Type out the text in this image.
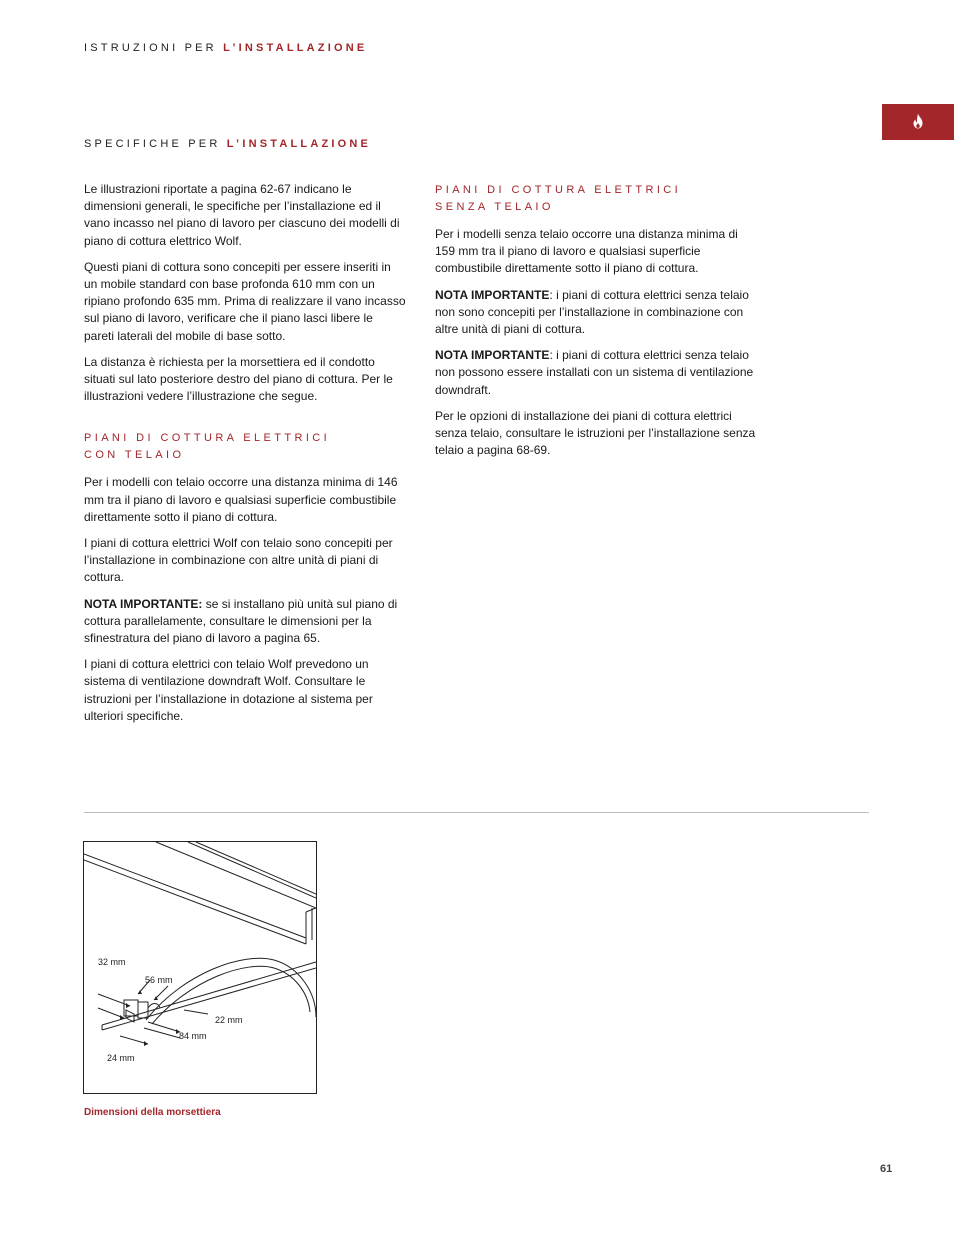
ISTRUZIONI PER L’INSTALLAZIONE
SPECIFICHE PER L’INSTALLAZIONE

Le illustrazioni riportate a pagina 62-67 indicano le dimensioni generali, le specifiche per l’installazione ed il vano incasso nel piano di lavoro per ciascuno dei modelli di piano di cottura elettrico Wolf.

Questi piani di cottura sono concepiti per essere inseriti in un mobile standard con base profonda 610 mm con un ripiano profondo 635 mm. Prima di realizzare il vano incasso sul piano di lavoro, verificare che il piano lasci libere le pareti laterali del mobile di base sotto.

La distanza è richiesta per la morsettiera ed il condotto situati sul lato posteriore destro del piano di cottura. Per le illustrazioni vedere l’illustrazione che segue.

PIANI DI COTTURA ELETTRICI
CON TELAIO

Per i modelli con telaio occorre una distanza minima di 146 mm tra il piano di lavoro e qualsiasi superficie combustibile direttamente sotto il piano di cottura.

I piani di cottura elettrici Wolf con telaio sono concepiti per l’installazione in combinazione con altre unità di piani di cottura.

NOTA IMPORTANTE: se si installano più unità sul piano di cottura parallelamente, consultare le dimensioni per la sfinestratura del piano di lavoro a pagina 65.

I piani di cottura elettrici con telaio Wolf prevedono un sistema di ventilazione downdraft Wolf. Consultare le istruzioni per l’installazione in dotazione al sistema per ulteriori specifiche.

PIANI DI COTTURA ELETTRICI
SENZA TELAIO

Per i modelli senza telaio occorre una distanza minima di 159 mm tra il piano di lavoro e qualsiasi superficie combustibile direttamente sotto il piano di cottura.

NOTA IMPORTANTE: i piani di cottura elettrici senza telaio non sono concepiti per l’installazione in combinazione con altre unità di piani di cottura.

NOTA IMPORTANTE: i piani di cottura elettrici senza telaio non possono essere installati con un sistema di ventilazione downdraft.

Per le opzioni di installazione dei piani di cottura elettrici senza telaio, consultare le istruzioni per l’installazione senza telaio a pagina 68-69.

32 mm
56 mm
22 mm
84 mm
24 mm
Dimensioni della morsettiera
61
